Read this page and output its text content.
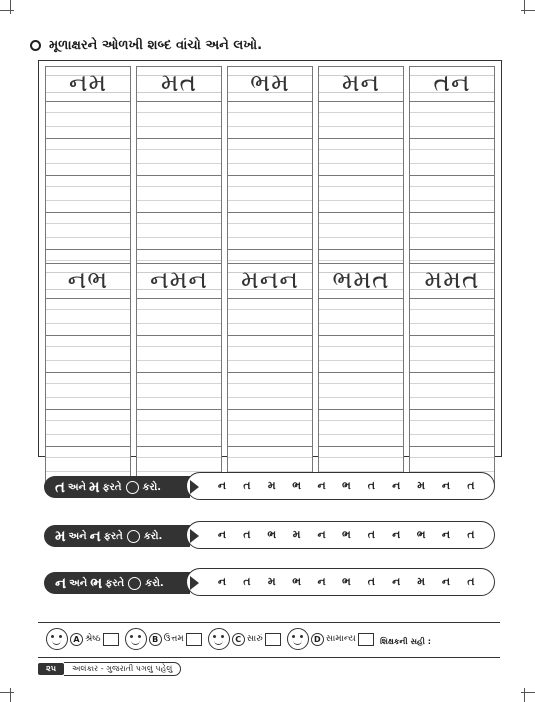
મૂળાક્ષરને ઓળખી શબ્દ વાંચો અને લખો.
નમ	મત	ભમ	મન	તન
નભ	નમન	મનન	ભમત	મમત
ત અને મ ફરતે કરો.	ન	ત	મ	ભ	ન	ભ	ત	ન	મ	ન	ત
મ અને ન ફરતે કરો.	ન	ત	ભ	મ	ન	ભ	ત	ન	ભ	ન	ત
ન અને ભ ફરતે કરો.	ન	ત	મ	ભ	ન	ભ	ત	ન	મ	ન	ત
A શ્રેષ્ઠ	B ઉત્તમ	C સારું	D સામાન્ય	શિક્ષકની સહી :
૨૫	અલંકાર - ગુજરાતી પગલું પહેલું
